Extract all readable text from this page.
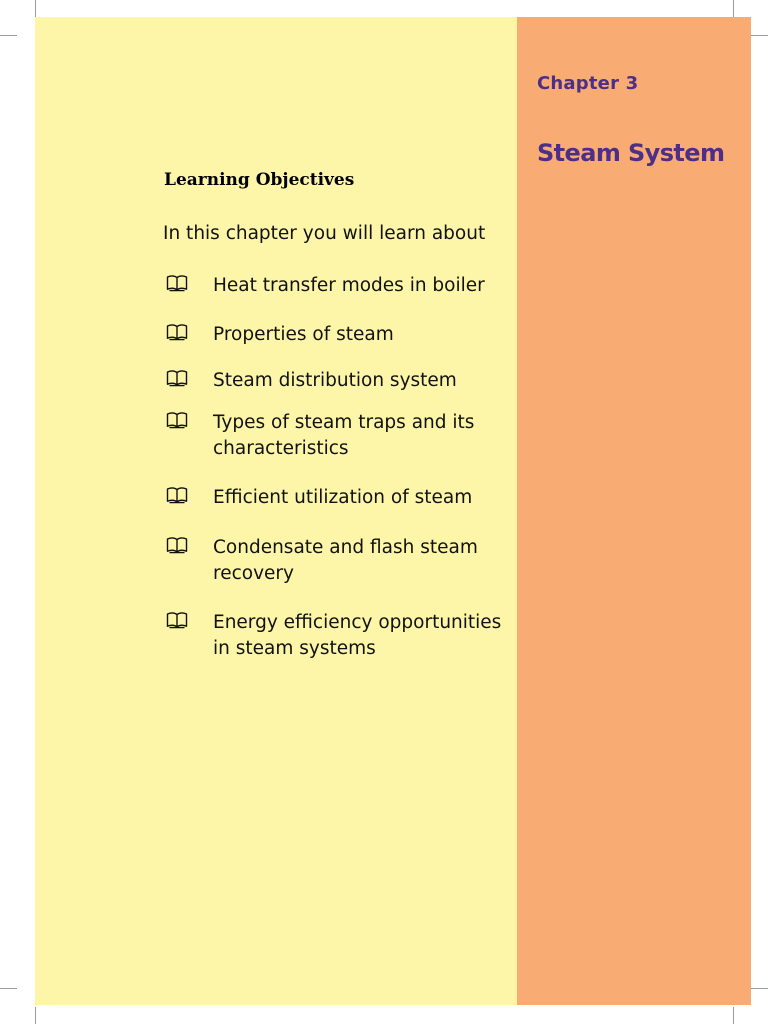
Chapter 3

Steam System
Learning Objectives

In this chapter you will learn about

Heat transfer modes in boiler
Properties of steam
Steam distribution system
Types of steam traps and its characteristics
Efficient utilization of steam
Condensate and flash steam recovery
Energy efficiency opportunities in steam systems
